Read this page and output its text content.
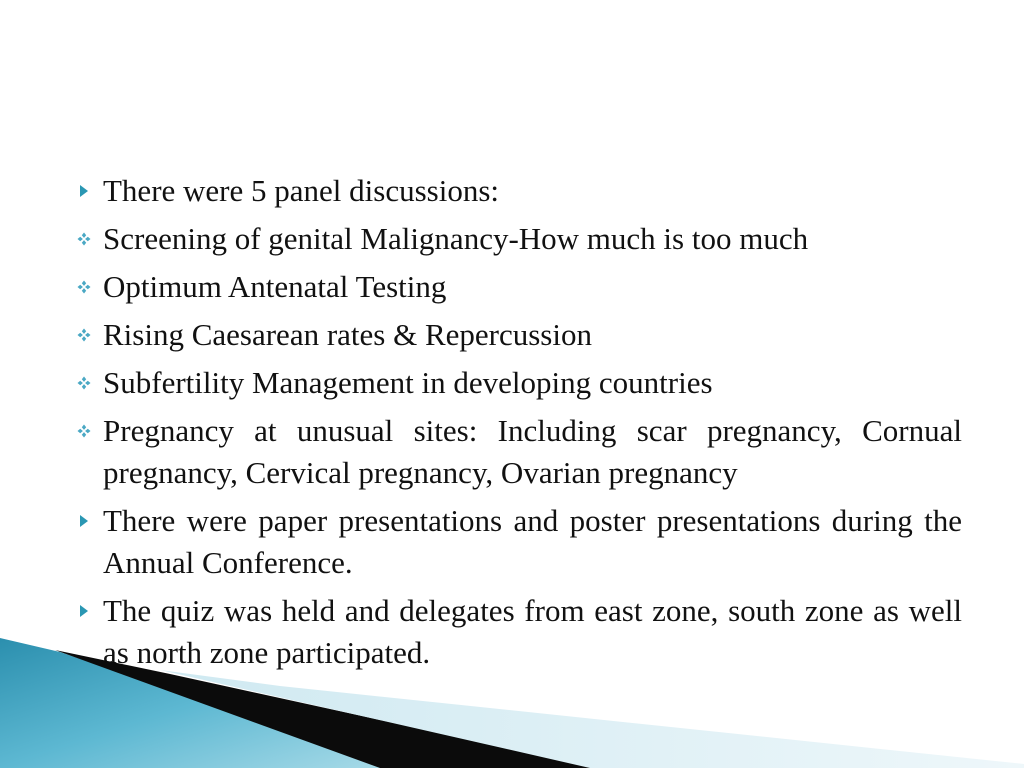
There were 5 panel discussions:
Screening of genital Malignancy-How much is too much
Optimum Antenatal Testing
Rising Caesarean rates & Repercussion
Subfertility Management in developing countries
Pregnancy at unusual sites: Including scar pregnancy, Cornual pregnancy, Cervical pregnancy, Ovarian pregnancy
There were paper presentations and poster presentations during the Annual Conference.
The quiz was held and delegates from east zone, south zone as well as north zone participated.
